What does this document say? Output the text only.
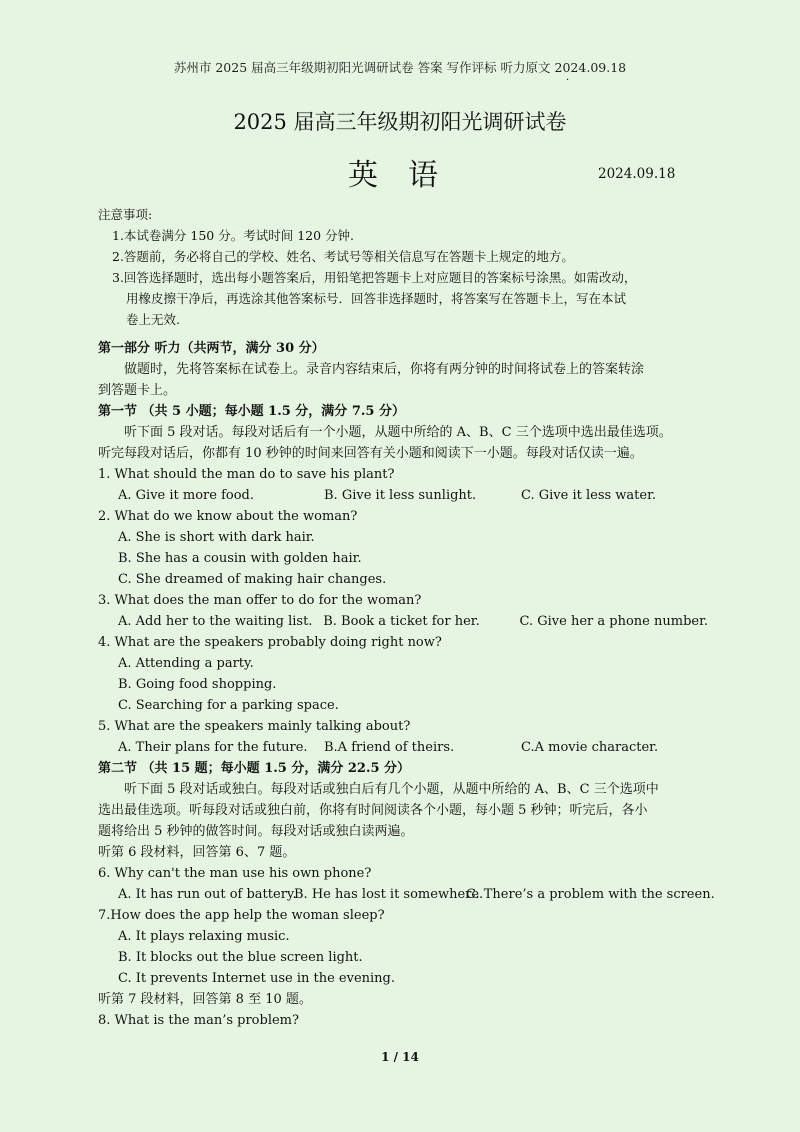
苏州市 2025 届高三年级期初阳光调研试卷 答案 写作评标 听力原文 2024.09.18
·
2025 届高三年级期初阳光调研试卷
英语	2024.09.18
注意事项:
1.本试卷满分 150 分。考试时间 120 分钟.
2.答题前，务必将自己的学校、姓名、考试号等相关信息写在答题卡上规定的地方。
3.回答选择题时，选出每小题答案后，用铅笔把答题卡上对应题目的答案标号涂黑。如需改动，
用橡皮擦干净后，再选涂其他答案标号．回答非选择题时，将答案写在答题卡上，写在本试
卷上无效.
第一部分 听力（共两节，满分 30 分）
做题时，先将答案标在试卷上。录音内容结束后，你将有两分钟的时间将试卷上的答案转涂
到答题卡上。
第一节 （共 5 小题；每小题 1.5 分，满分 7.5 分）
听下面 5 段对话。每段对话后有一个小题，从题中所给的 A、B、C 三个选项中选出最佳选项。
听完每段对话后，你都有 10 秒钟的时间来回答有关小题和阅读下一小题。每段对话仅读一遍。
1. What should the man do to save his plant?
A. Give it more food.	B. Give it less sunlight.	C. Give it less water.
2. What do we know about the woman?
A. She is short with dark hair.
B. She has a cousin with golden hair.
C. She dreamed of making hair changes.
3. What does the man offer to do for the woman?
A. Add her to the waiting list. B. Book a ticket for her.	C. Give her a phone number.
4. What are the speakers probably doing right now?
A. Attending a party.
B. Going food shopping.
C. Searching for a parking space.
5. What are the speakers mainly talking about?
A. Their plans for the future.	B.A friend of theirs.	C.A movie character.
第二节 （共 15 题；每小题 1.5 分，满分 22.5 分）
听下面 5 段对话或独白。每段对话或独白后有几个小题，从题中所给的 A、B、C 三个选项中
选出最佳选项。听每段对话或独白前，你将有时间阅读各个小题，每小题 5 秒钟；听完后，各小
题将给出 5 秒钟的做答时间。每段对话或独白读两遍。
听第 6 段材料，回答第 6、7 题。
6. Why can't the man use his own phone?
A. It has run out of battery.
B. He has lost it somewhere.
C. There’s a problem with the screen.
7.How does the app help the woman sleep?
A. It plays relaxing music.
B. It blocks out the blue screen light.
C. It prevents Internet use in the evening.
听第 7 段材料，回答第 8 至 10 题。
8. What is the man’s problem?
1 / 14
